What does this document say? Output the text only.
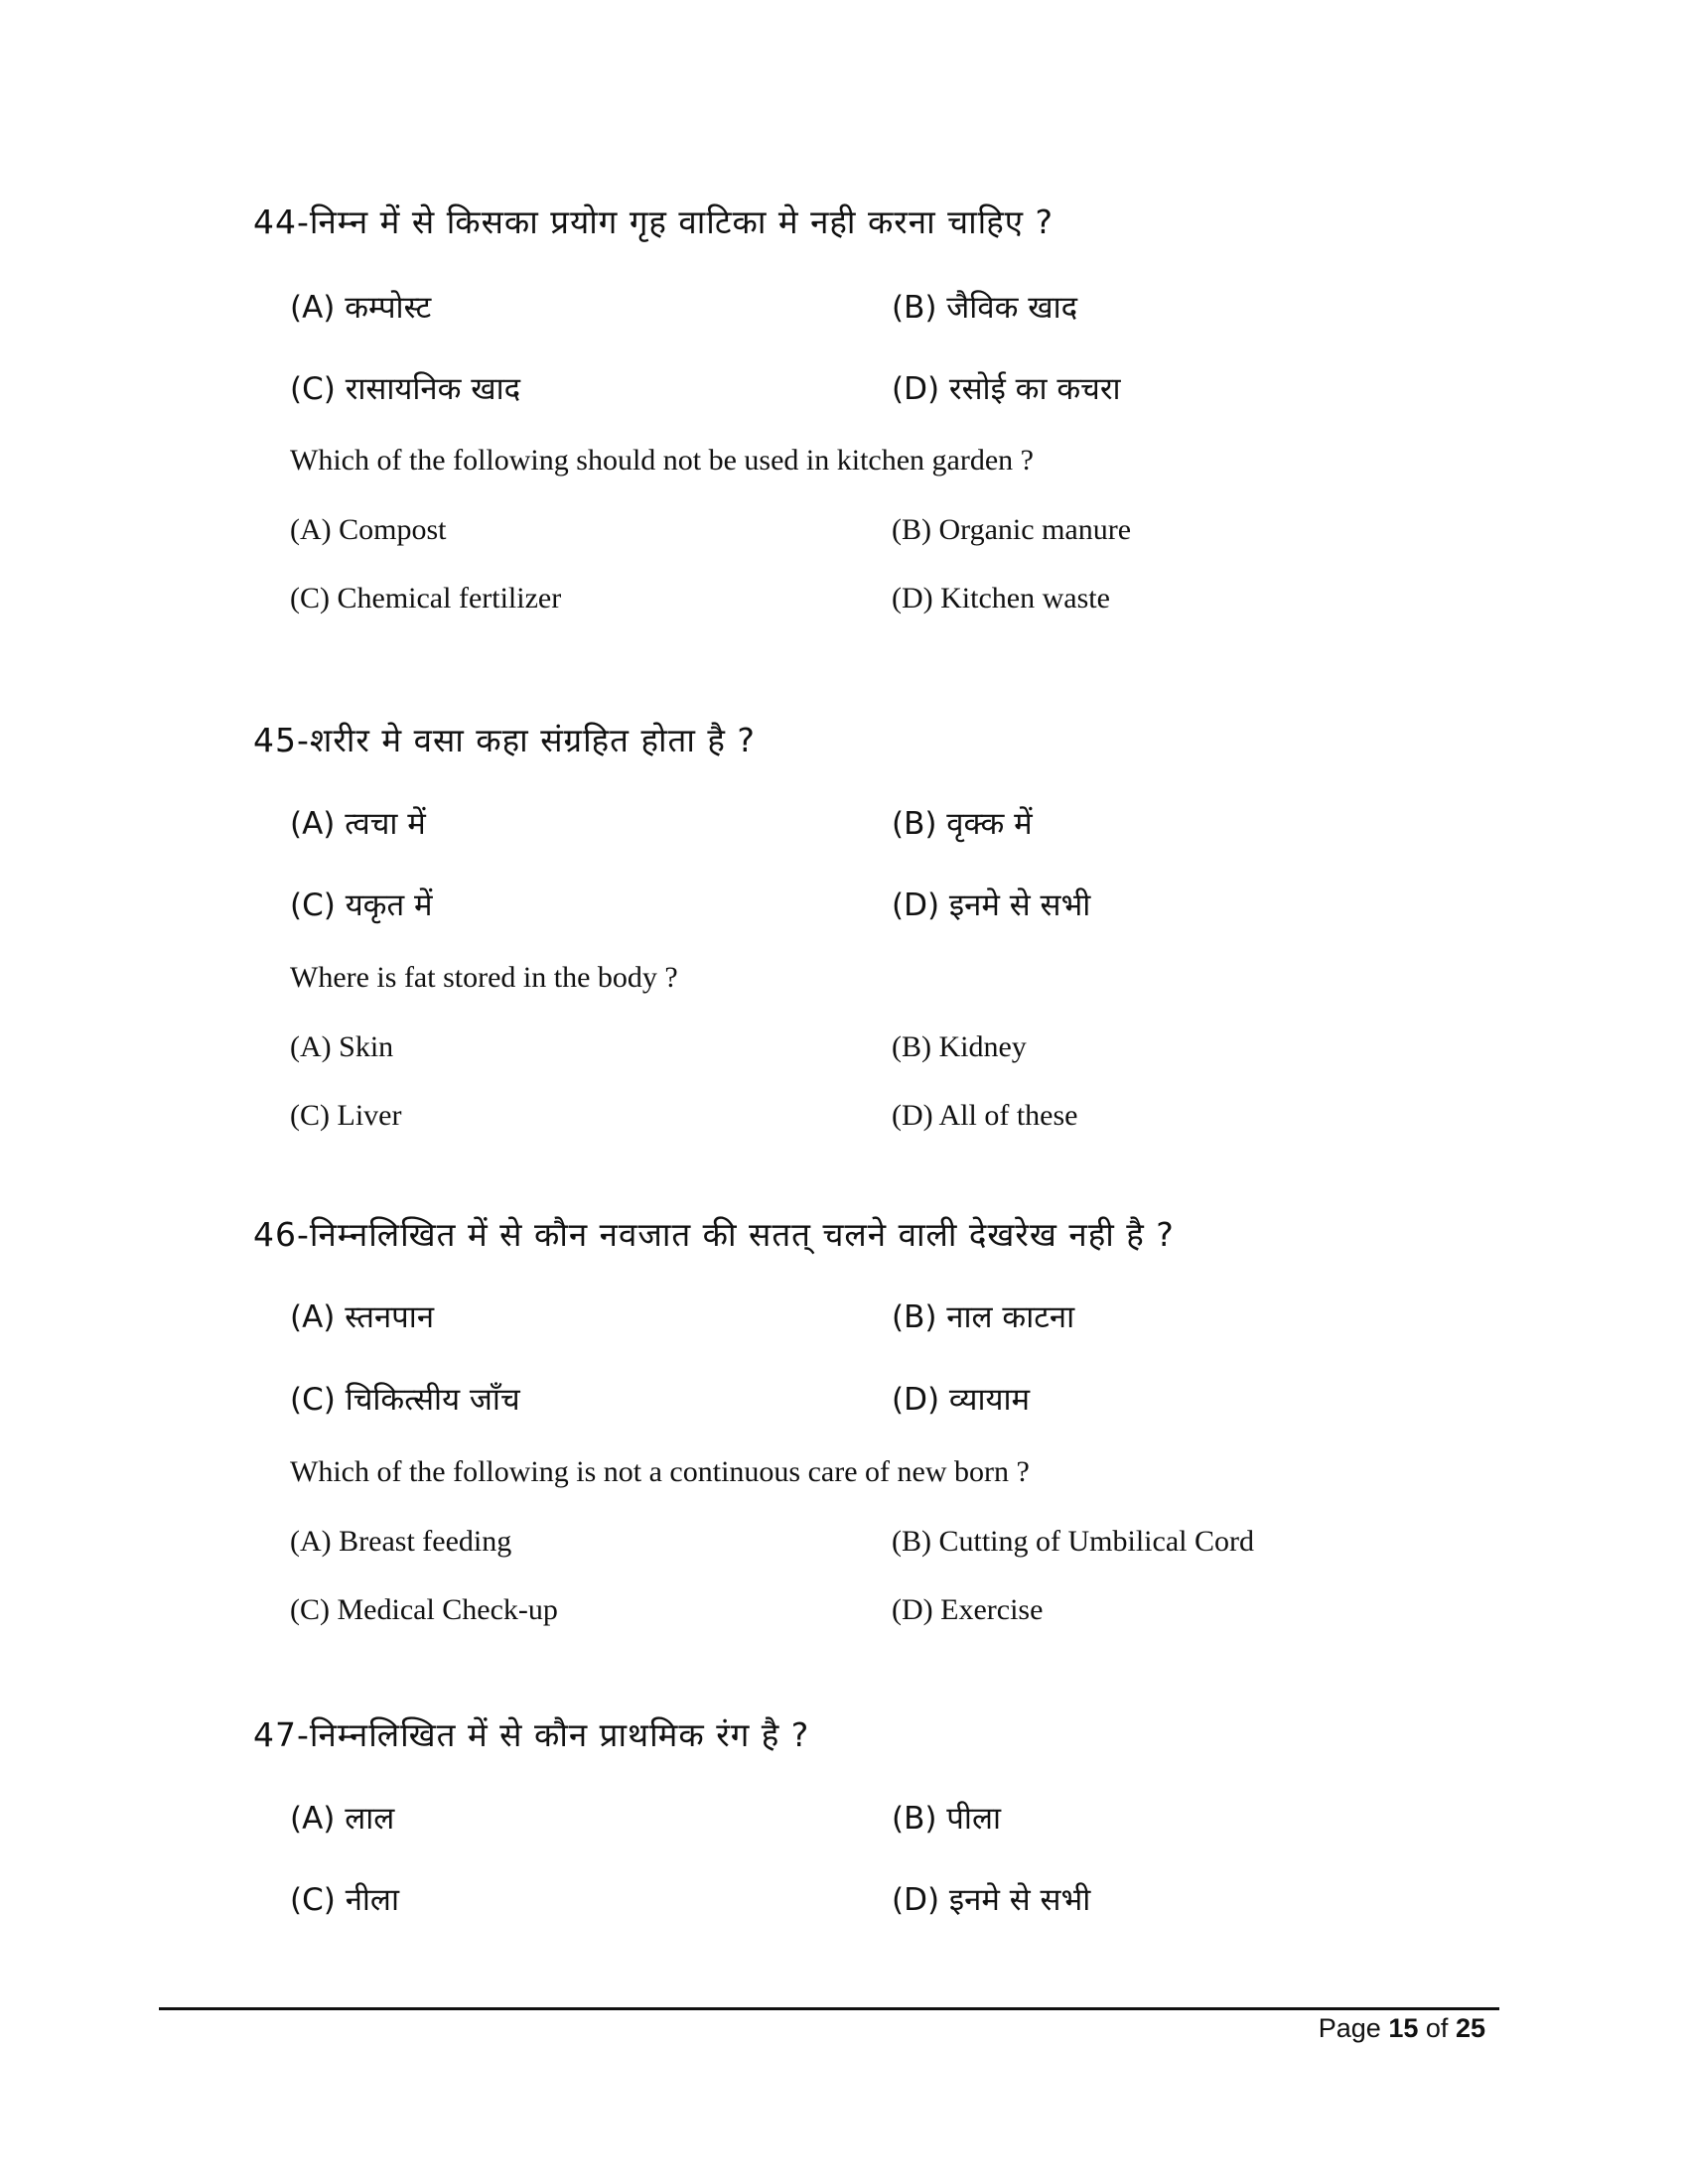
44-निम्न में से किसका प्रयोग गृह वाटिका मे नही करना चाहिए ?

(A) कम्पोस्ट	(B) जैविक खाद
(C) रासायनिक खाद	(D) रसोई का कचरा

Which of the following should not be used in kitchen garden ?

(A) Compost	(B) Organic manure
(C) Chemical fertilizer	(D) Kitchen waste

45-शरीर मे वसा कहा संग्रहित होता है ?

(A) त्वचा में	(B) वृक्क में
(C) यकृत में	(D) इनमे से सभी

Where is fat stored in the body ?

(A) Skin	(B) Kidney
(C) Liver	(D) All of these

46-निम्नलिखित में से कौन नवजात की सतत् चलने वाली देखरेख नही है ?

(A) स्तनपान	(B) नाल काटना
(C) चिकित्सीय जाँच	(D) व्यायाम

Which of the following is not a continuous care of new born ?

(A) Breast feeding	(B) Cutting of Umbilical Cord
(C) Medical Check-up	(D) Exercise

47-निम्नलिखित में से कौन प्राथमिक रंग है ?

(A) लाल	(B) पीला
(C) नीला	(D) इनमे से सभी
Page 15 of 25
